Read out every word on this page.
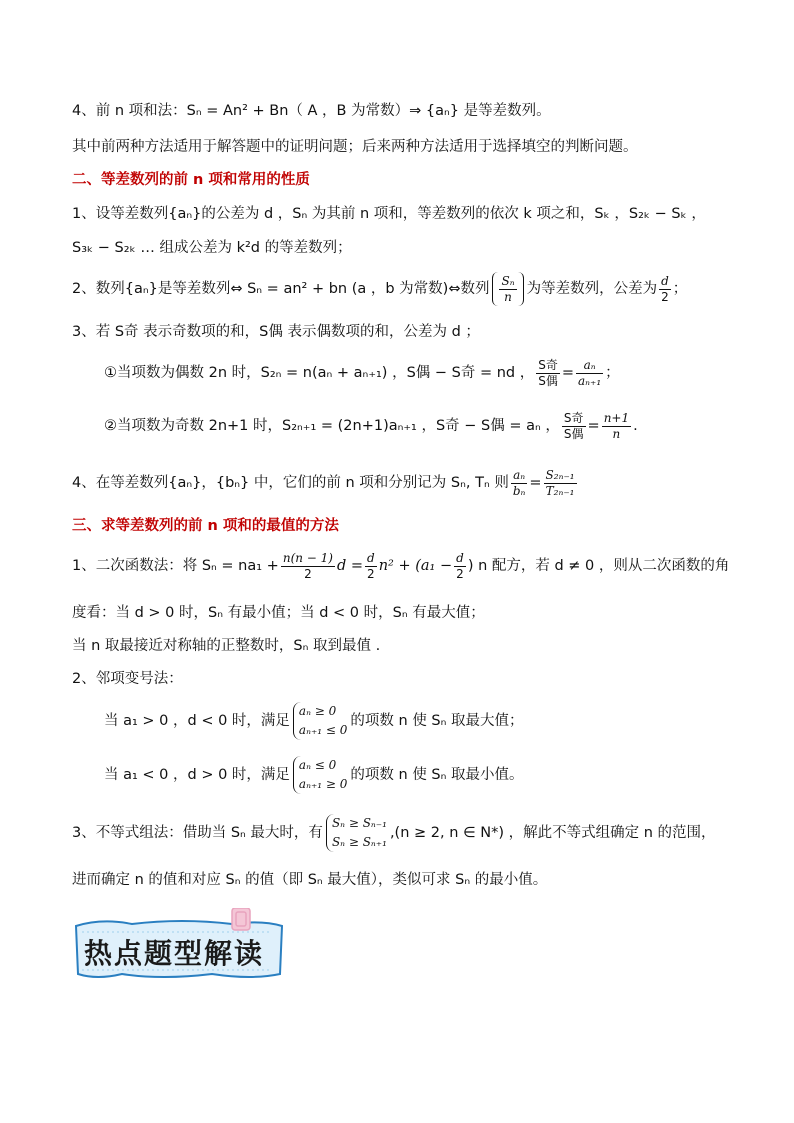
4、前 n 项和法：Sₙ = An² + Bn（ A ，B 为常数）⇒ {aₙ} 是等差数列。
其中前两种方法适用于解答题中的证明问题；后来两种方法适用于选择填空的判断问题。
二、等差数列的前 n 项和常用的性质
1、设等差数列{aₙ}的公差为 d ，Sₙ 为其前 n 项和，等差数列的依次 k 项之和，Sₖ ，S₂ₖ − Sₖ ，
S₃ₖ − S₂ₖ … 组成公差为 k²d 的等差数列；
2、数列{aₙ}是等差数列⇔ Sₙ = an² + bn (a ，b 为常数)⇔数列 $\frac{\text{Sₙ}}{n}$ 为等差数列，公差为 $\frac{d}{2}$ ；
3、若 S奇 表示奇数项的和，S偶 表示偶数项的和，公差为 d ；
①当项数为偶数 2n 时，S₂ₙ = n(aₙ + aₙ₊₁) ，S偶 − S奇 = nd ， $\frac{\text{S奇}}{\text{S偶}} = \frac{\text{aₙ}}{\text{aₙ₊₁}}$ ；
②当项数为奇数 2n+1 时，S₂ₙ₊₁ = (2n+1)aₙ₊₁ ，S奇 − S偶 = aₙ ， $\frac{\text{S奇}}{\text{S偶}} = \frac{n+1}{n}$ .
4、在等差数列{aₙ}，{bₙ} 中，它们的前 n 项和分别记为 Sₙ, Tₙ 则 $\frac{\text{aₙ}}{\text{bₙ}} = \frac{\text{S₂ₙ₋₁}}{\text{T₂ₙ₋₁}}$
三、求等差数列的前 n 项和的最值的方法
1、二次函数法：将 $S_n = na_1 + \frac{n(n - 1)}{2}$ $d = \frac{d}{2} n^2 + (a_1 - \frac{d}{2}$ ) n 配方，若 d ≠ 0 ，则从二次函数的角
度看：当 d > 0 时，Sₙ 有最小值；当 d < 0 时，Sₙ 有最大值；
当 n 取最接近对称轴的正整数时，Sₙ 取到最值 .
2、邻项变号法：
当 a₁ > 0 ，d < 0 时，满足
aₙ ≥ 0
aₙ₊₁ ≤ 0
的项数 n 使 Sₙ 取最大值；
当 a₁ < 0 ，d > 0 时，满足
aₙ ≤ 0
aₙ₊₁ ≥ 0
的项数 n 使 Sₙ 取最小值。
3、不等式组法：借助当 Sₙ 最大时，有
Sₙ ≥ Sₙ₋₁
Sₙ ≥ Sₙ₊₁
,(n ≥ 2, n ∈ N*) ，解此不等式组确定 n 的范围，
进而确定 n 的值和对应 Sₙ 的值（即 Sₙ 最大值），类似可求 Sₙ 的最小值。
热点题型解读
